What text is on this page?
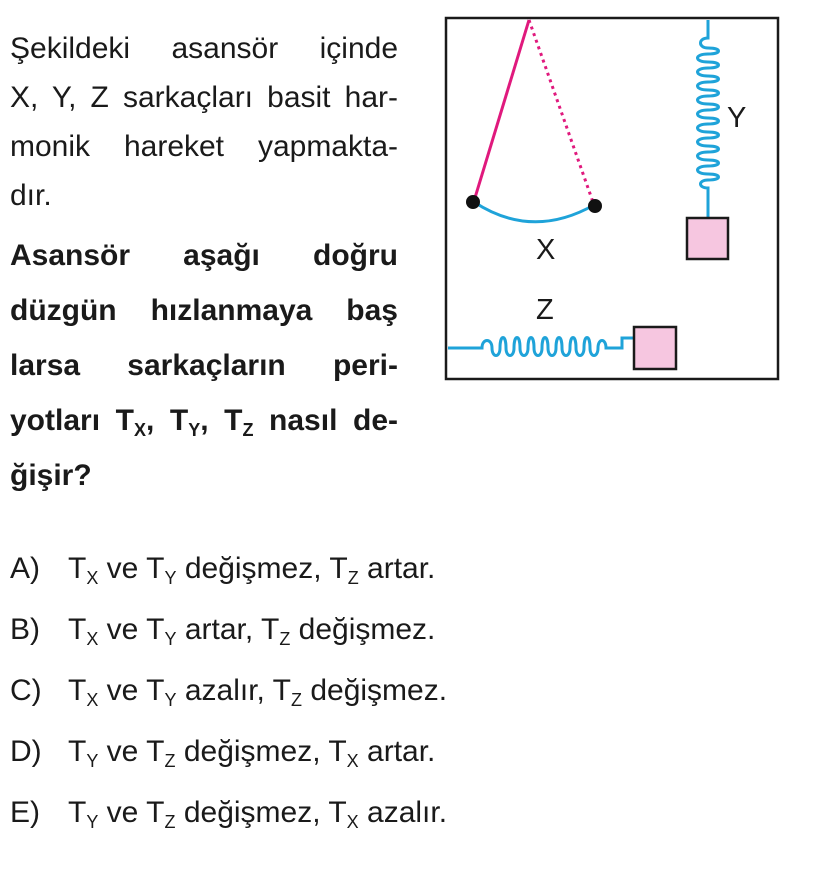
Şekildeki asansör içinde
X, Y, Z sarkaçları basit har-
monik hareket yapmakta-
dır.

Asansör aşağı doğru
düzgün hızlanmaya baş
larsa sarkaçların peri-
yotları $T_X$, $T_Y$, $T_Z$ nasıl de-
ğişir?

X
Y
Z
A) $T_X$ ve $T_Y$ değişmez, $T_Z$ artar.
B) $T_X$ ve $T_Y$ artar, $T_Z$ değişmez.
C) $T_X$ ve $T_Y$ azalır, $T_Z$ değişmez.
D) $T_Y$ ve $T_Z$ değişmez, $T_X$ artar.
E) $T_Y$ ve $T_Z$ değişmez, $T_X$ azalır.
